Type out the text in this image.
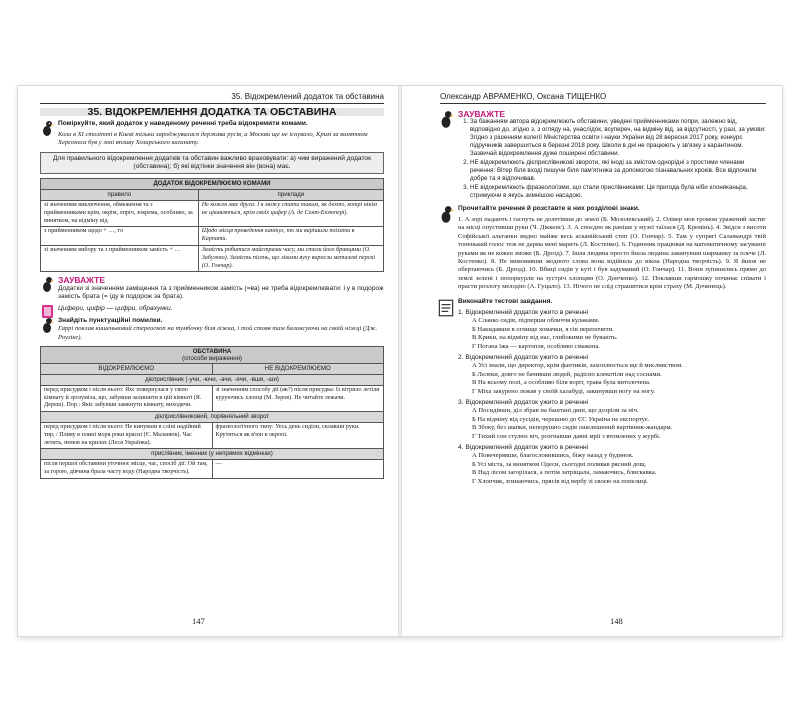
35. Відокремлений додаток та обставина
35. ВІДОКРЕМЛЕННЯ ДОДАТКА ТА ОБСТАВИНА
Поміркуйте, який додаток у наведеному реченні треба відокремити комами.
Коли в XI столітті в Києві тільки зароджувалася держава русів, а Москви ще не існувало, Крим за винятком Херсонеса був у зоні впливу Хозарського каганату.
Для правильного відокремлення додатків та обставин важливо враховувати: а) чим виражений додаток (обставина); б) які відтінки значення він (вона) має.
ДОДАТОК ВІДОКРЕМЛЮЄМО КОМАМИ	
правило	приклади
зі значенням виключення, обмеження та з прийменниками крім, окрім, опріч, зокрема, особливо, за винятком, на відміну від	Не кожен має друга. І я можу стати таким, як дехто, котрі нікім не цікавляться, крім своїх цифер (А. де Сент-Екзюпері).
з прийменником щодо + …, то	Щодо місця проведення канікул, то ми вирішили поїхати в Карпати.
зі значенням вибору та з прийменником замість + …	Замість робитися майстрами часу, ми стали його бранцями (О. Забужко). Замість пісень, що ліками вуху виросли металеві персні (О. Гончар).
ЗАУВАЖТЕ
Додатки зі значенням заміщення та з прийменником замість (=ва) не треба відокремлювати: і у в подорож замість брата (= їду в подорож за брата).
Цифери, цифір — цифри, обрахунки.
Знайдіть пунктуаційні помилки.
Гаррі поклав кишеньковий стереоскоп на тумбочку біля ліжка, і той стояв там балансуючи на своїй ніжці (Дж. Роулінг).
ОБСТАВИНА
(способи вираження)	
ВІДОКРЕМЛЮЄМО	НЕ ВІДОКРЕМЛЮЄМО
дієприслівник (-учи, -ючи, -ачи, -ячи, -вши, -ши)	
перед присудком і після нього: Яхє повернулася у свою кімнату й зрозуміла, що, забувши залишити в цій кімнаті (Я. Дереш). Пор.: Якіє забувши замкнути кімнату, виходячи.	зі значенням способу дії (як?) після присудка: Із вітрило летіли куруючись хлопці (М. Зеров). Не читайте лежачи.
дієприслівниковий, порівняльний зворот	
перед присудком і після нього: Не кинувши в сліпі надійний тир, / Пливу в плині моря роки красні (Є. Маланюк). Час летить, немов на крилах (Леся Українка).	фразеологічного типу: Уесь день сиділи, склавши руки. Крутиться як в'юн в окропі.
прислівник, іменник (у непрямих відмінках)	
після першої обставини уточнює місце, час, спосіб дії: Ой там, за горою, дівчина брала часту воду (Народна творчість).	—
147
Олександр АВРАМЕНКО, Оксана ТИЩЕНКО
ЗАУВАЖТЕ
1. За бажанням автора відокремлюють обставини, уведені прийменниками попри, залежно від, відповідно до, згідно з, з огляду на, унаслідок, всупереч, на відміну від, за відсутності, у разі, за умови: Згідно з рішенням колегії Міністерства освіти і науки України від 28 вересня 2017 року, конкурс підручників завершиться в березні 2018 року. Школи в дні не працюють у зв'язку з карантином. Зазвичай відокремлення дуже поширені обставини.
2. НЕ відокремлюють дієприслівникові звороти, які іноді за змістом однорідні з простими членами речення: Вітер біля вході пишучи біля пам'ятника за допомогою пізнавальних кроків. Все відпочили добре та я відпочивав.
3. НЕ відокремлюють фразеологізми, що стали прислівниками: Ця пригода була ніби клоняканьра, стримуючи в якусь зимнішою насадою.
Прочитайте речення й розставте в них розділові знаки.
1. А зорі падають і гаснуть не долетівши до землі (Б. Мозолевський). 2. Олівер мов громом уражений застиг на місці опустивши руки (Ч. Діккенс). 3. А споєдно як раніше у музеї таїлася (Д. Кремінь). 4. Звідси з висоти Софійської альтанки видно майже весь асканійський степ (О. Гончар). 5. Там у супрягі Саламандрі твій тоненький голос теж не дарма мені марить (Л. Костенко). 6. Годинник працював на математичному засуванні руками як не кожен зможе (Б. Дрозд). 7. Ішла людина просто йшла людина закинувши шарманку за плече (Л. Костенко). 8. Не вимовивши жодного слова вона відійшла до вікна (Народна творчість). 9. Я йшов не обертаючись (Б. Дрозд). 10. Вбиці сидів у куті і був задуманий (О. Гончар). 11. Вони зупинились прямо до землі зелені і попоркурли на зустріч хлопцям (О. Донченко). 12. Поклавши гармошку починає співати і прасти розлогу мелодію (А. Гуцало). 13. Нічого не слід страшитися крім страху (М. Дочинець).
Виконайте тестові завдання.
1. Відокремлений додаток ужито в реченні
А Сланко сидів, підперши обличчя кулаками.
Б Накидавши в огнище хомачки, я сів перепочити.
В Крики, на відміну від нас, глибокими не бувають.
Г Погана їжа — картопля, особливо смажена.
2. Відокремлений додаток ужито в реченні
А Усі знали, що директор, крім фантиків, захоплюється ще й мисливством.
Б Лелеки, довго не бачивши людей, радісно клекотіли над соснами.
В На всьому полі, а особливо біля воріт, трава була витолочена.
Г Міха закурено лежав у своїй халабуді, закинувши ногу на ногу.
3. Відокремлений додаток ужито в реченні
А Посидівши, діл збрав на баштані дині, що дозріли за ніч.
Б На відміну від сусідів, черешню до ЄС Україна не експортує.
В Збоку, без шапки, непорушно сидів ошелешений вартівник-жандарм.
Г Тихий сон стулює віч, розгнавши давні мрії з втомлених у журбі.
4. Відокремлений додаток ужито в реченні
А Повечерявши, благословившись, біжу назад у будинок.
Б Усі міста, за винятком Одеси, сьогодні поливав рясний дощ.
В Над лісом загорілася, а потім затріщала, ламаючись, блискавка.
Г Хлопчик, згинаючись, прясів від вербу зі своєю на попелиці.
148
